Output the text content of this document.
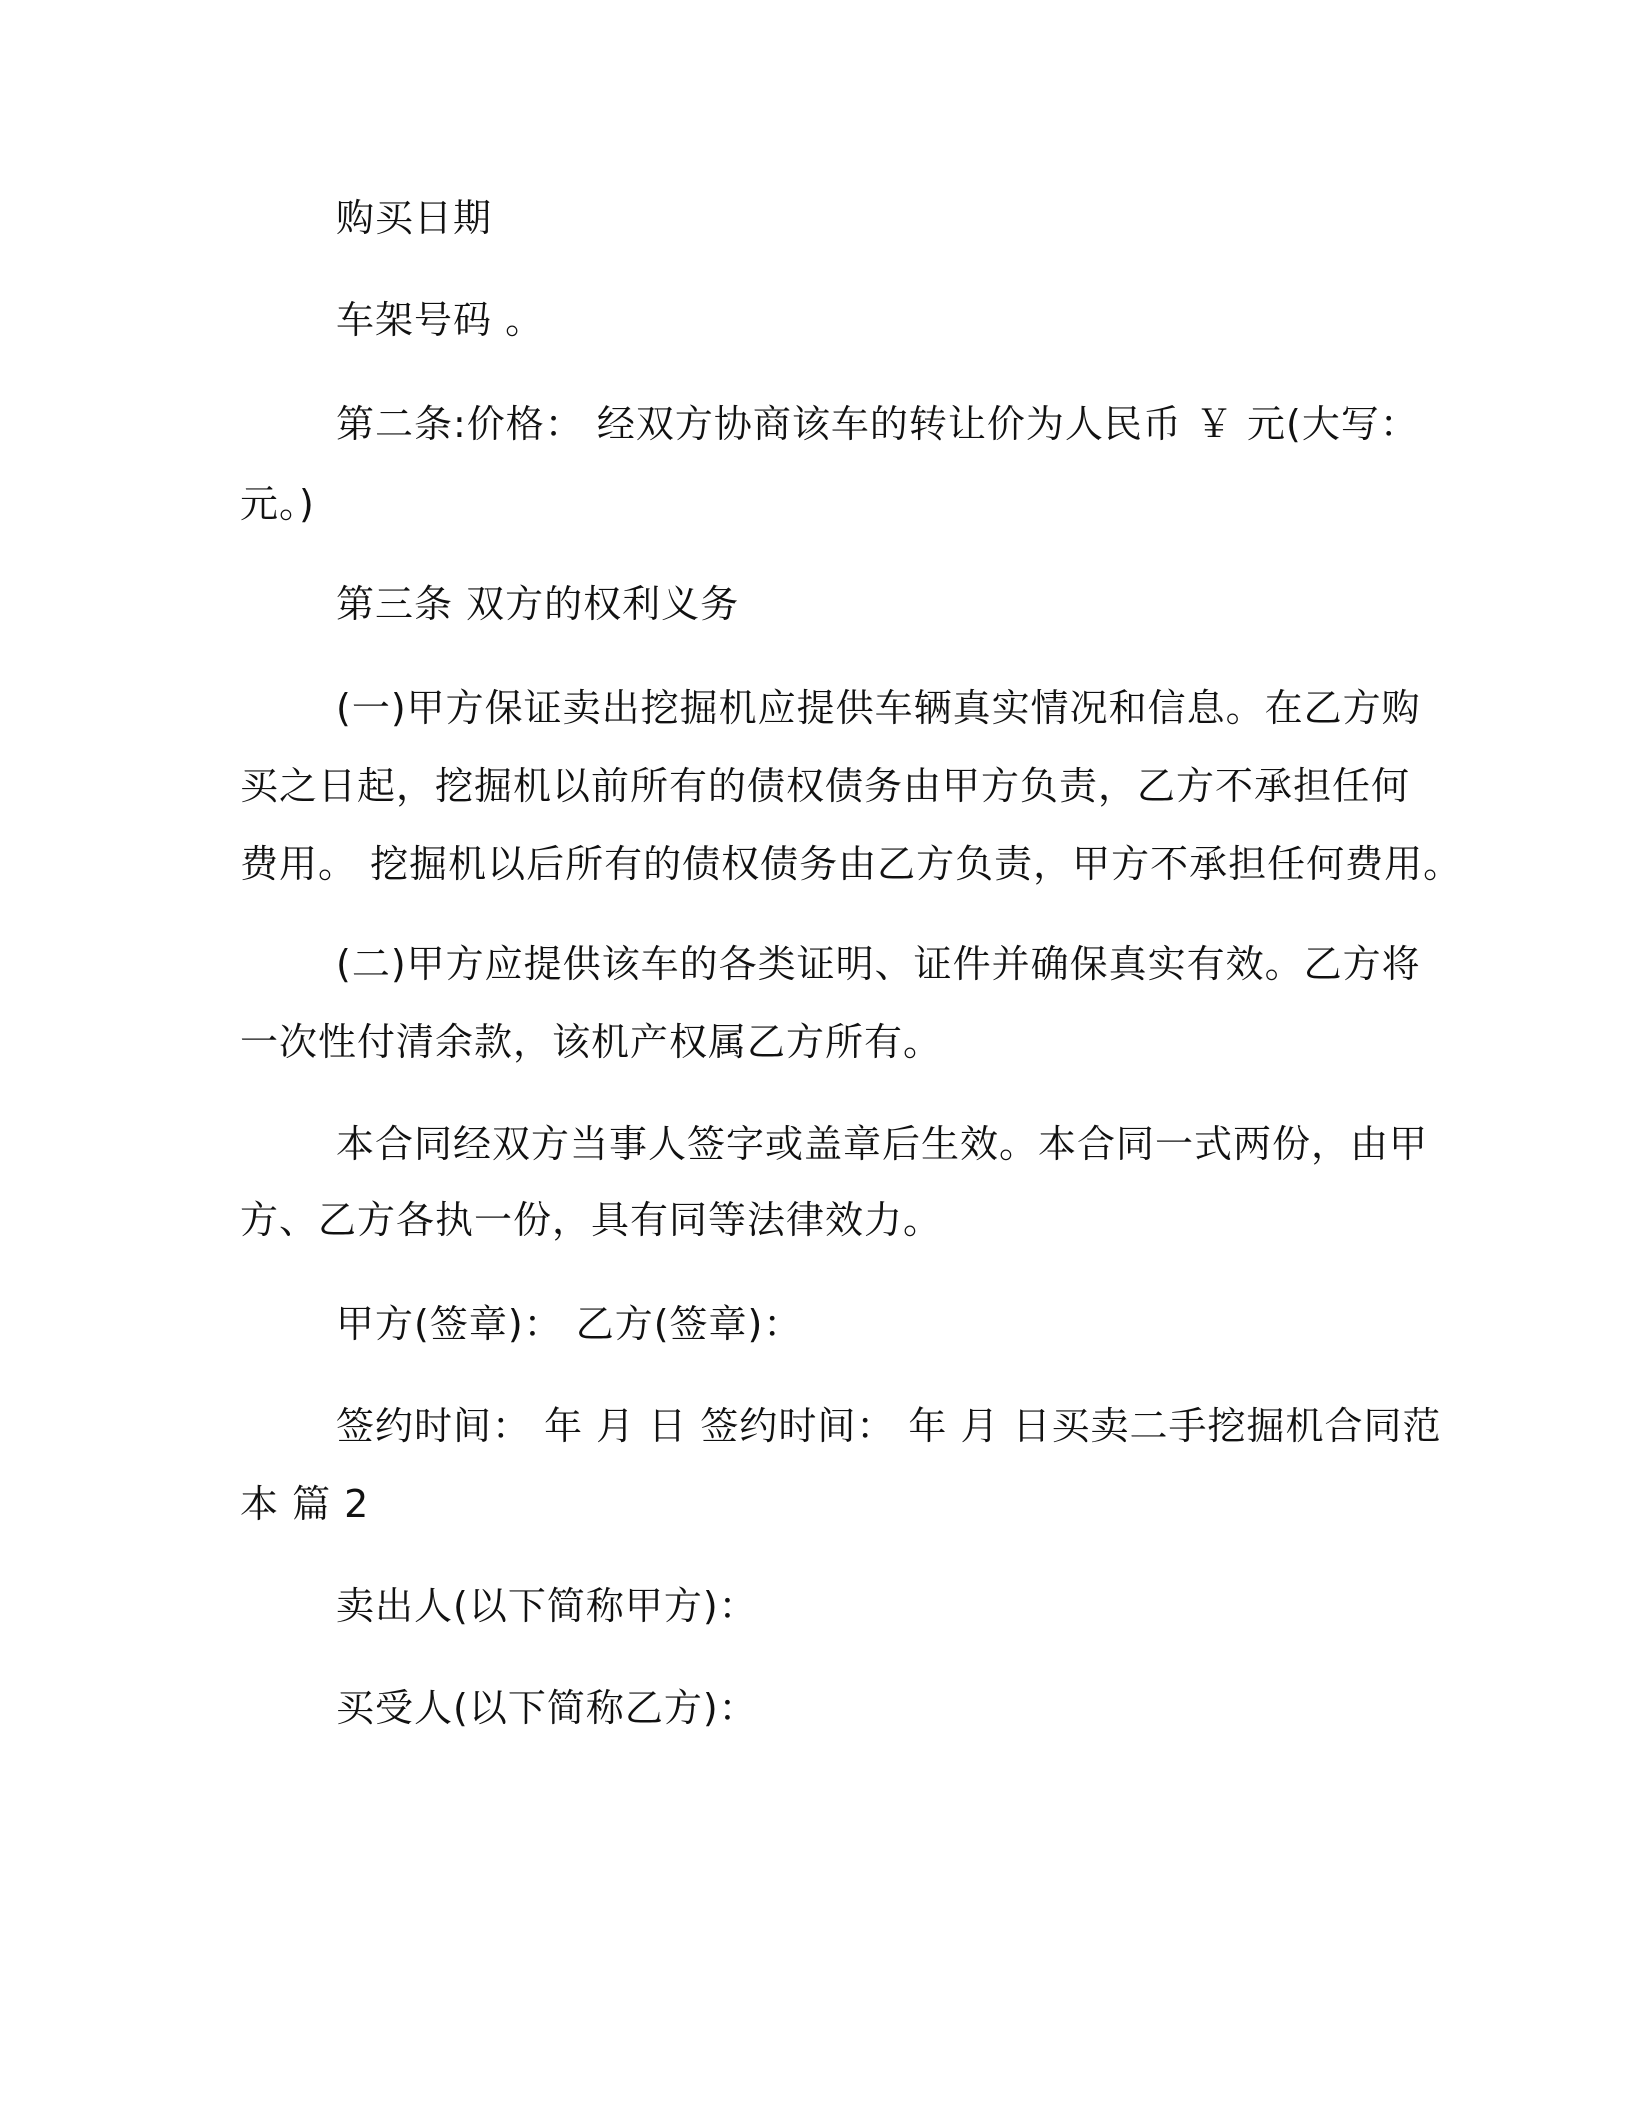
购买日期
车架号码 。
第二条:价格： 经双方协商该车的转让价为人民币 ￥ 元(大写：
元。)
第三条 双方的权利义务
(一)甲方保证卖出挖掘机应提供车辆真实情况和信息。在乙方购
买之日起，挖掘机以前所有的债权债务由甲方负责，乙方不承担任何
费用。 挖掘机以后所有的债权债务由乙方负责，甲方不承担任何费用。
(二)甲方应提供该车的各类证明、证件并确保真实有效。乙方将
一次性付清余款，该机产权属乙方所有。
本合同经双方当事人签字或盖章后生效。本合同一式两份，由甲
方、乙方各执一份，具有同等法律效力。
甲方(签章)： 乙方(签章)：
签约时间： 年 月 日 签约时间： 年 月 日买卖二手挖掘机合同范
本 篇 2
卖出人(以下简称甲方)：
买受人(以下简称乙方)：
